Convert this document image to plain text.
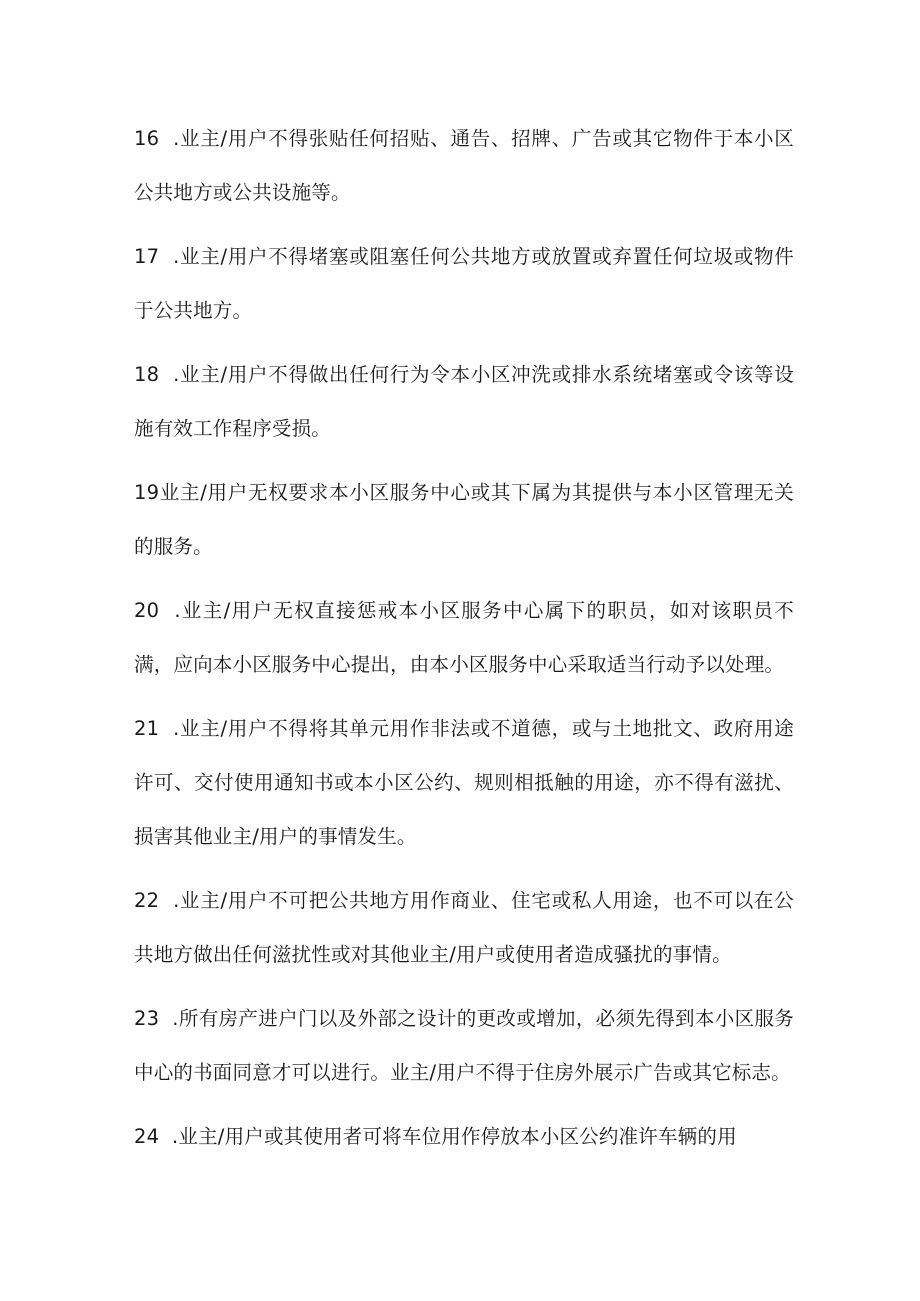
16  .业主/用户不得张贴任何招贴、通告、招牌、广告或其它物件于本小区公共地方或公共设施等。

17  .业主/用户不得堵塞或阻塞任何公共地方或放置或弃置任何垃圾或物件于公共地方。

18  .业主/用户不得做出任何行为令本小区冲洗或排水系统堵塞或令该等设施有效工作程序受损。

19业主/用户无权要求本小区服务中心或其下属为其提供与本小区管理无关的服务。

20  .业主/用户无权直接惩戒本小区服务中心属下的职员，如对该职员不满，应向本小区服务中心提出，由本小区服务中心采取适当行动予以处理。

21  .业主/用户不得将其单元用作非法或不道德，或与土地批文、政府用途许可、交付使用通知书或本小区公约、规则相抵触的用途，亦不得有滋扰、损害其他业主/用户的事情发生。

22  .业主/用户不可把公共地方用作商业、住宅或私人用途，也不可以在公共地方做出任何滋扰性或对其他业主/用户或使用者造成骚扰的事情。

23  .所有房产进户门以及外部之设计的更改或增加，必须先得到本小区服务中心的书面同意才可以进行。业主/用户不得于住房外展示广告或其它标志。

24  .业主/用户或其使用者可将车位用作停放本小区公约准许车辆的用
